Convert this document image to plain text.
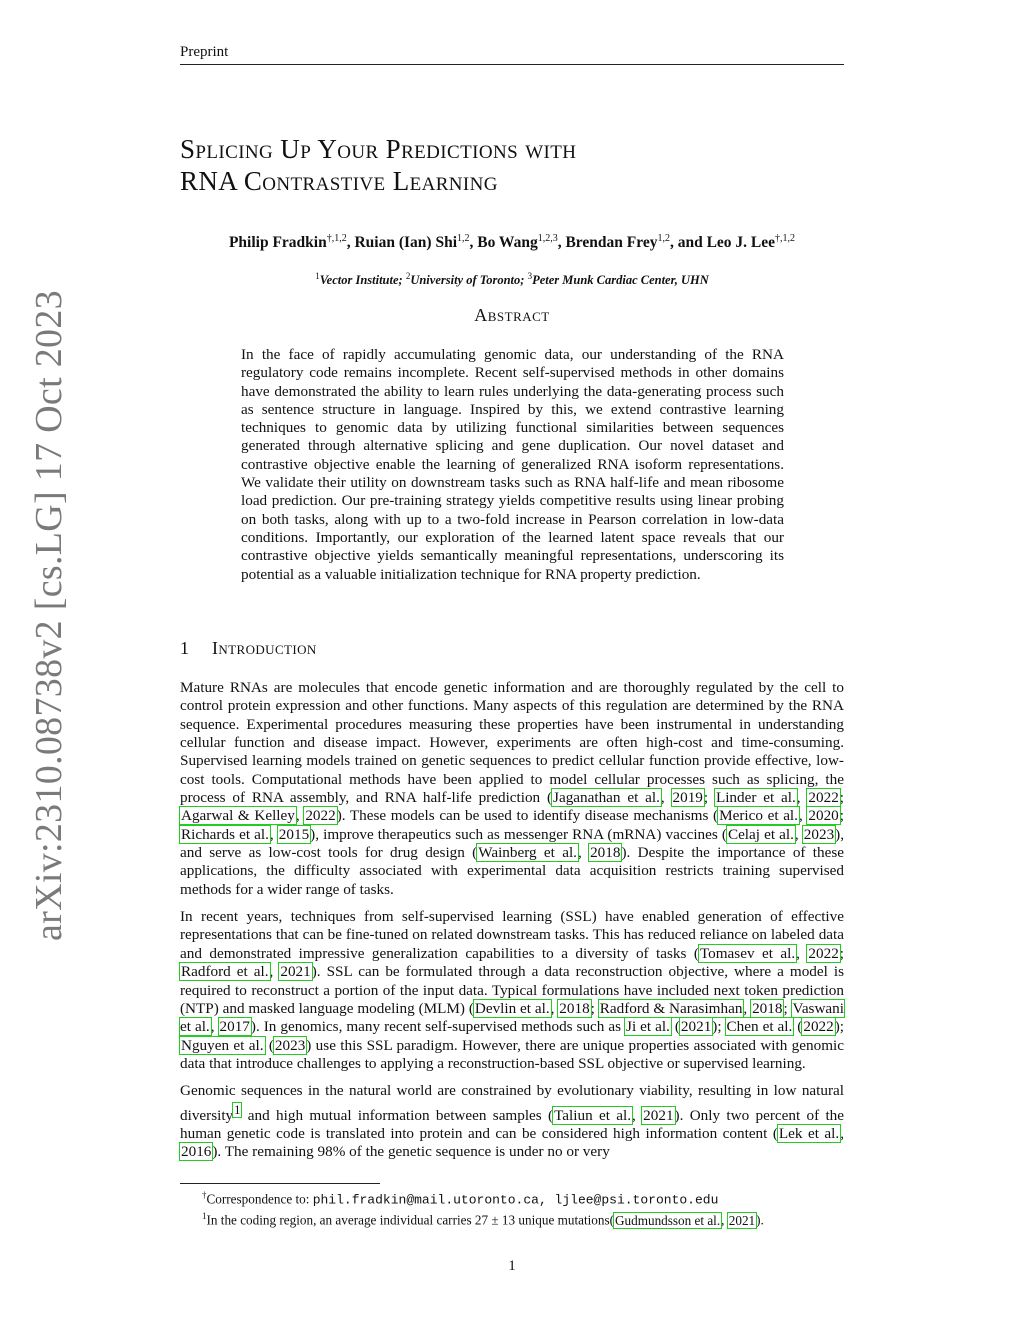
Preprint
arXiv:2310.08738v2 [cs.LG] 17 Oct 2023
Splicing Up Your Predictions with
RNA Contrastive Learning
Philip Fradkin$^{\dagger,1,2}$, Ruian (Ian) Shi$^{1,2}$, Bo Wang$^{1,2,3}$, Brendan Frey$^{1,2}$, and Leo J. Lee$^{\dagger,1,2}$
$^1$Vector Institute; $^2$University of Toronto; $^3$Peter Munk Cardiac Center, UHN
Abstract
In the face of rapidly accumulating genomic data, our understanding of the RNA regulatory code remains incomplete. Recent self-supervised methods in other domains have demonstrated the ability to learn rules underlying the data-generating process such as sentence structure in language. Inspired by this, we extend contrastive learning techniques to genomic data by utilizing functional similarities between sequences generated through alternative splicing and gene duplication. Our novel dataset and contrastive objective enable the learning of generalized RNA isoform representations. We validate their utility on downstream tasks such as RNA half-life and mean ribosome load prediction. Our pre-training strategy yields competitive results using linear probing on both tasks, along with up to a two-fold increase in Pearson correlation in low-data conditions. Importantly, our exploration of the learned latent space reveals that our contrastive objective yields semantically meaningful representations, underscoring its potential as a valuable initialization technique for RNA property prediction.
1 Introduction

Mature RNAs are molecules that encode genetic information and are thoroughly regulated by the cell to control protein expression and other functions. Many aspects of this regulation are determined by the RNA sequence. Experimental procedures measuring these properties have been instrumental in understanding cellular function and disease impact. However, experiments are often high-cost and time-consuming. Supervised learning models trained on genetic sequences to predict cellular function provide effective, low-cost tools. Computational methods have been applied to model cellular processes such as splicing, the process of RNA assembly, and RNA half-life prediction (Jaganathan et al., 2019; Linder et al., 2022; Agarwal & Kelley, 2022). These models can be used to identify disease mechanisms (Merico et al., 2020; Richards et al., 2015), improve therapeutics such as messenger RNA (mRNA) vaccines (Celaj et al., 2023), and serve as low-cost tools for drug design (Wainberg et al., 2018). Despite the importance of these applications, the difficulty associated with experimental data acquisition restricts training supervised methods for a wider range of tasks.

In recent years, techniques from self-supervised learning (SSL) have enabled generation of effective representations that can be fine-tuned on related downstream tasks. This has reduced reliance on labeled data and demonstrated impressive generalization capabilities to a diversity of tasks (Tomasev et al., 2022; Radford et al., 2021). SSL can be formulated through a data reconstruction objective, where a model is required to reconstruct a portion of the input data. Typical formulations have included next token prediction (NTP) and masked language modeling (MLM) (Devlin et al., 2018; Radford & Narasimhan, 2018; Vaswani et al., 2017). In genomics, many recent self-supervised methods such as Ji et al. (2021); Chen et al. (2022); Nguyen et al. (2023) use this SSL paradigm. However, there are unique properties associated with genomic data that introduce challenges to applying a reconstruction-based SSL objective or supervised learning.

Genomic sequences in the natural world are constrained by evolutionary viability, resulting in low natural diversity$^1$ and high mutual information between samples (Taliun et al., 2021). Only two percent of the human genetic code is translated into protein and can be considered high information content (Lek et al., 2016). The remaining 98% of the genetic sequence is under no or very

†Correspondence to: phil.fradkin@mail.utoronto.ca, ljlee@psi.toronto.edu
$^1$In the coding region, an average individual carries 27 ± 13 unique mutations(Gudmundsson et al., 2021).
1
